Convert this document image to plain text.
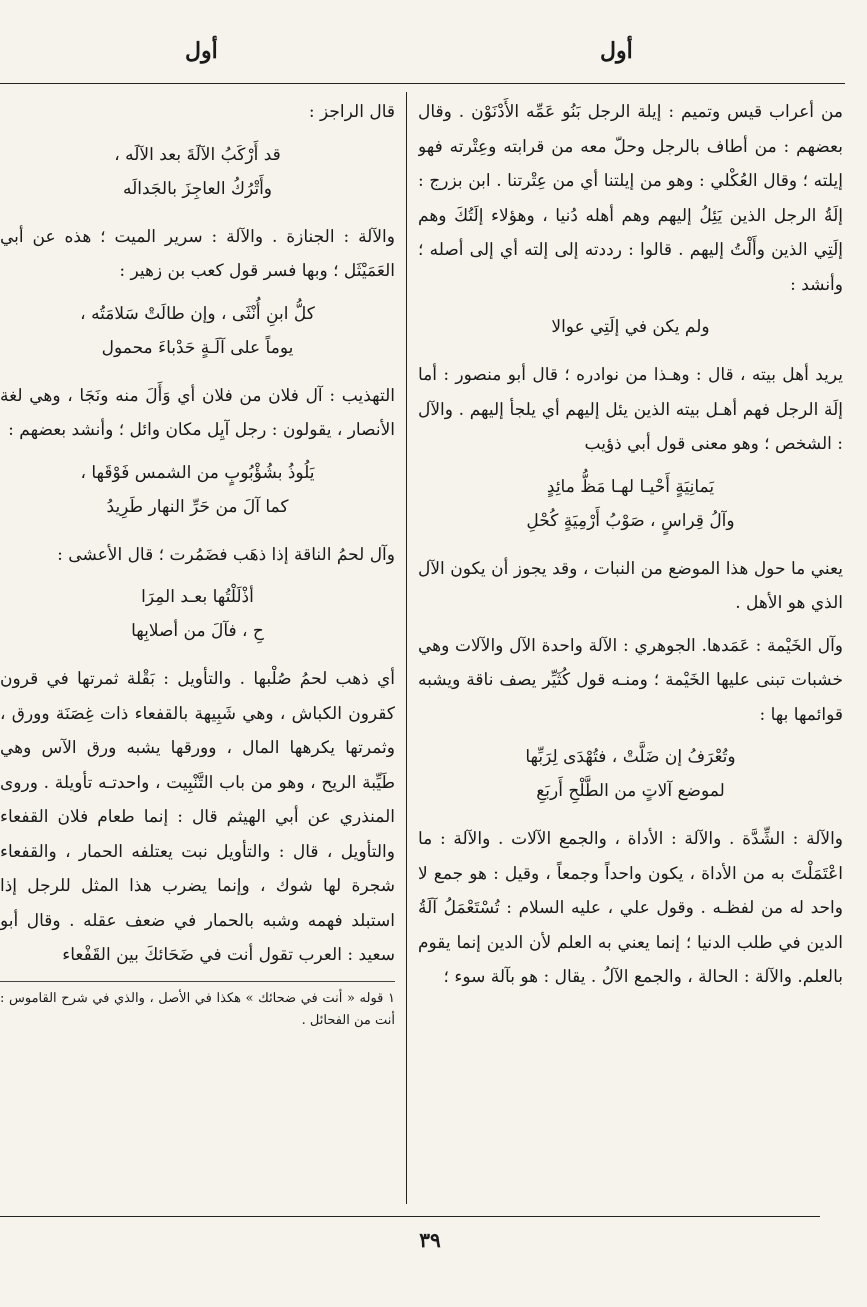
أول
أول

من أعراب قيس وتميم : إيلة الرجل بَنُو عَمِّه الأَدْنَوْن . وقال بعضهم : من أطاف بالرجل وحلّ معه من قرابته وعِتْرته فهو إيلته ؛ وقال العُكْلي : وهو من إيلتنا أي من عِتْرتنا . ابن بزرج : إلَةُ الرجل الذين يَئِلُ إليهم وهم أهله دُنيا ، وهؤلاء إلَتُكَ وهم إلَتِي الذين وأَلْتُ إليهم . قالوا : رددته إلى إلته أي إلى أصله ؛ وأنشد :

ولم يكن في إلَتِي عوالا

يريد أهل بيته ، قال : وهـذا من نوادره ؛ قال أبو منصور : أما إلَة الرجل فهم أهـل بيته الذين يئل إليهم أي يلجأ إليهم . والآل : الشخص ؛ وهو معنى قول أبي ذؤيب

يَمانِيَةٍ أَحْيـا لهـا مَظُّ مائِدٍ
وآلُ قِراسٍ ، صَوْبُ أَرْمِيَةٍ كُحْلِ

يعني ما حول هذا الموضع من النبات ، وقد يجوز أن يكون الآل الذي هو الأهل .

وآل الخَيْمة : عَمَدها. الجوهري : الآلة واحدة الآل والآلات وهي خشبات تبنى عليها الخَيْمة ؛ ومنـه قول كُثَيِّر يصف ناقة ويشبه قوائمها بها :

وتُعْرَفُ إن ضَلَّتْ ، فتُهْدَى لِرَبِّها
لموضع آلاتٍ من الطَّلْحِ أَربَعِ

والآلة : الشِّدَّة . والآلة : الأداة ، والجمع الآلات . والآلة : ما اعْتَمَلْتَ به من الأداة ، يكون واحداً وجمعاً ، وقيل : هو جمع لا واحد له من لفظـه . وقول علي ، عليه السلام : تُسْتَعْمَلُ آلَةُ الدين في طلب الدنيا ؛ إنما يعني به العلم لأن الدين إنما يقوم بالعلم. والآلة : الحالة ، والجمع الآلُ . يقال : هو بآلة سوء ؛

قال الراجز :

قد أَرْكَبُ الآلَةَ بعد الآلَه ،
وأَتْرُكُ العاجِزَ بالجَدالَه

والآلة : الجنازة . والآلة : سرير الميت ؛ هذه عن أبي العَمَيْثَل ؛ وبها فسر قول كعب بن زهير :

كلُّ ابنِ أُنْثَى ، وإن طالَتْ سَلامَتُه ،
يوماً على آلَـةٍ حَدْباءَ محمول

التهذيب : آل فلان من فلان أي وَأَلَ منه ونَجَا ، وهي لغة الأنصار ، يقولون : رجل آيِل مكان وائل ؛ وأنشد بعضهم :

يَلُوذُ بشُؤْبُوبٍ من الشمس فَوْقَها ،
كما آلَ من حَرِّ النهار طَرِيدُ

وآل لحمُ الناقة إذا ذهَب فضَمُرت ؛ قال الأعشى :

أذْلَلْتُها بعـد المِرَا
حِ ، فآلَ من أصلابِها

أي ذهب لحمُ صُلْبها . والتأويل : بَقْلة ثمرتها في قرون كقرون الكباش ، وهي شَبِيهة بالقفعاء ذات غِصَنَة وورق ، وثمرتها يكرهها المال ، وورقها يشبه ورق الآس وهي طَيِّبة الريح ، وهو من باب التَّنْبِيت ، واحدتـه تأويلة . وروى المنذري عن أبي الهيثم قال : إنما طعام فلان القفعاء والتأويل ، قال : والتأويل نبت يعتلفه الحمار ، والقفعاء شجرة لها شوك ، وإنما يضرب هذا المثل للرجل إذا استبلد فهمه وشبه بالحمار في ضعف عقله . وقال أبو سعيد : العرب تقول أنت في ضَحَائكَ بين القَفْعاء

١ قوله « أنت في ضحائك » هكذا في الأصل ، والذي في شرح القاموس : أنت من الفحائل .
٣٩
